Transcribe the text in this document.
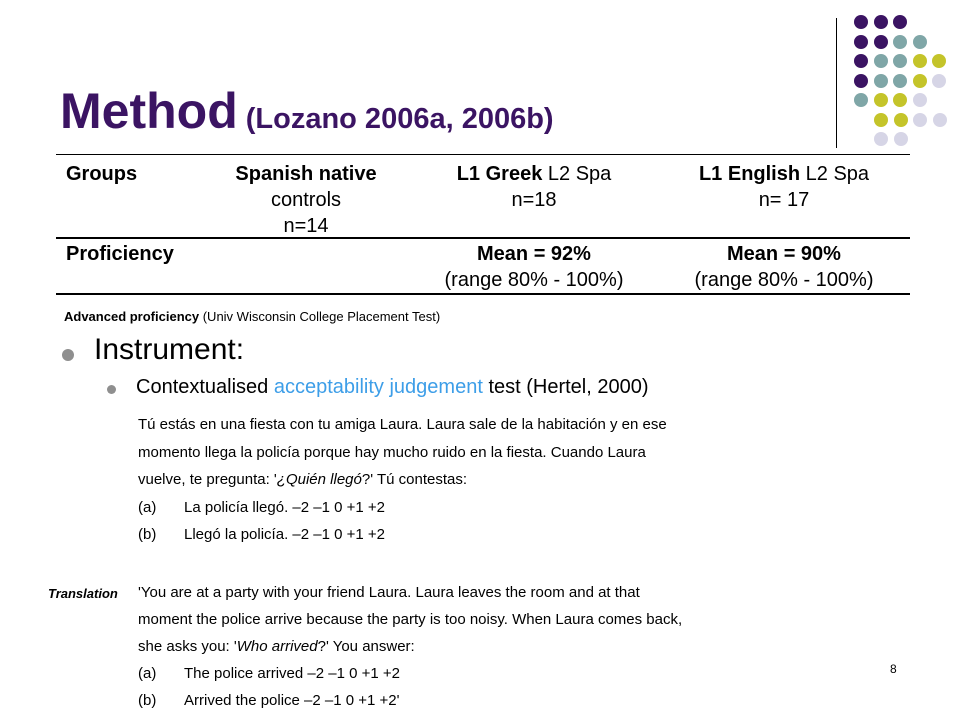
Method (Lozano 2006a, 2006b)
Groups	Spanish native
controls
n=14
L1 Greek L2 Spa
n=18
L1 English L2 Spa
n= 17
Proficiency	Mean = 92%
(range 80% - 100%)
Mean = 90%
(range 80% - 100%)
Advanced proficiency (Univ Wisconsin College Placement Test)
Instrument:
Contextualised acceptability judgement test (Hertel, 2000)
Tú estás en una fiesta con tu amiga Laura. Laura sale de la habitación y en ese
momento llega la policía porque hay mucho ruido en la fiesta. Cuando Laura
vuelve, te pregunta: '¿Quién llegó?' Tú contestas:
(a) La policía llegó. –2 –1 0 +1 +2
(b) Llegó la policía. –2 –1 0 +1 +2
Translation 'You are at a party with your friend Laura. Laura leaves the room and at that
moment the police arrive because the party is too noisy. When Laura comes back,
she asks you: 'Who arrived?' You answer:
(a) The police arrived –2 –1 0 +1 +2
(b) Arrived the police –2 –1 0 +1 +2'
8
